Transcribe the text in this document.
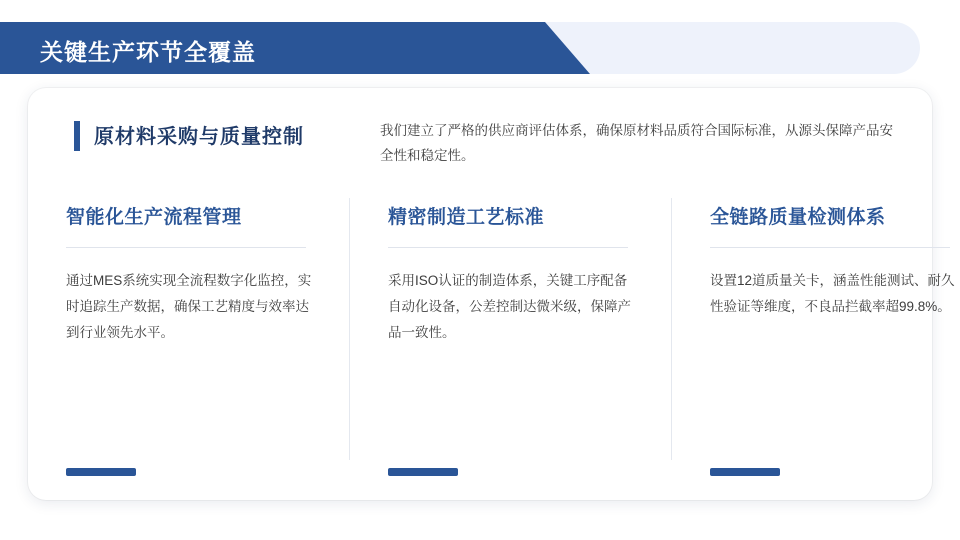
关键生产环节全覆盖
原材料采购与质量控制	我们建立了严格的供应商评估体系，确保原材料品质符合国际标准，从源头保障产品安全性和稳定性。
智能化生产流程管理
通过MES系统实现全流程数字化监控，实时追踪生产数据，确保工艺精度与效率达到行业领先水平。
精密制造工艺标准
采用ISO认证的制造体系，关键工序配备自动化设备，公差控制达微米级，保障产品一致性。
全链路质量检测体系
设置12道质量关卡，涵盖性能测试、耐久性验证等维度，不良品拦截率超99.8%。
